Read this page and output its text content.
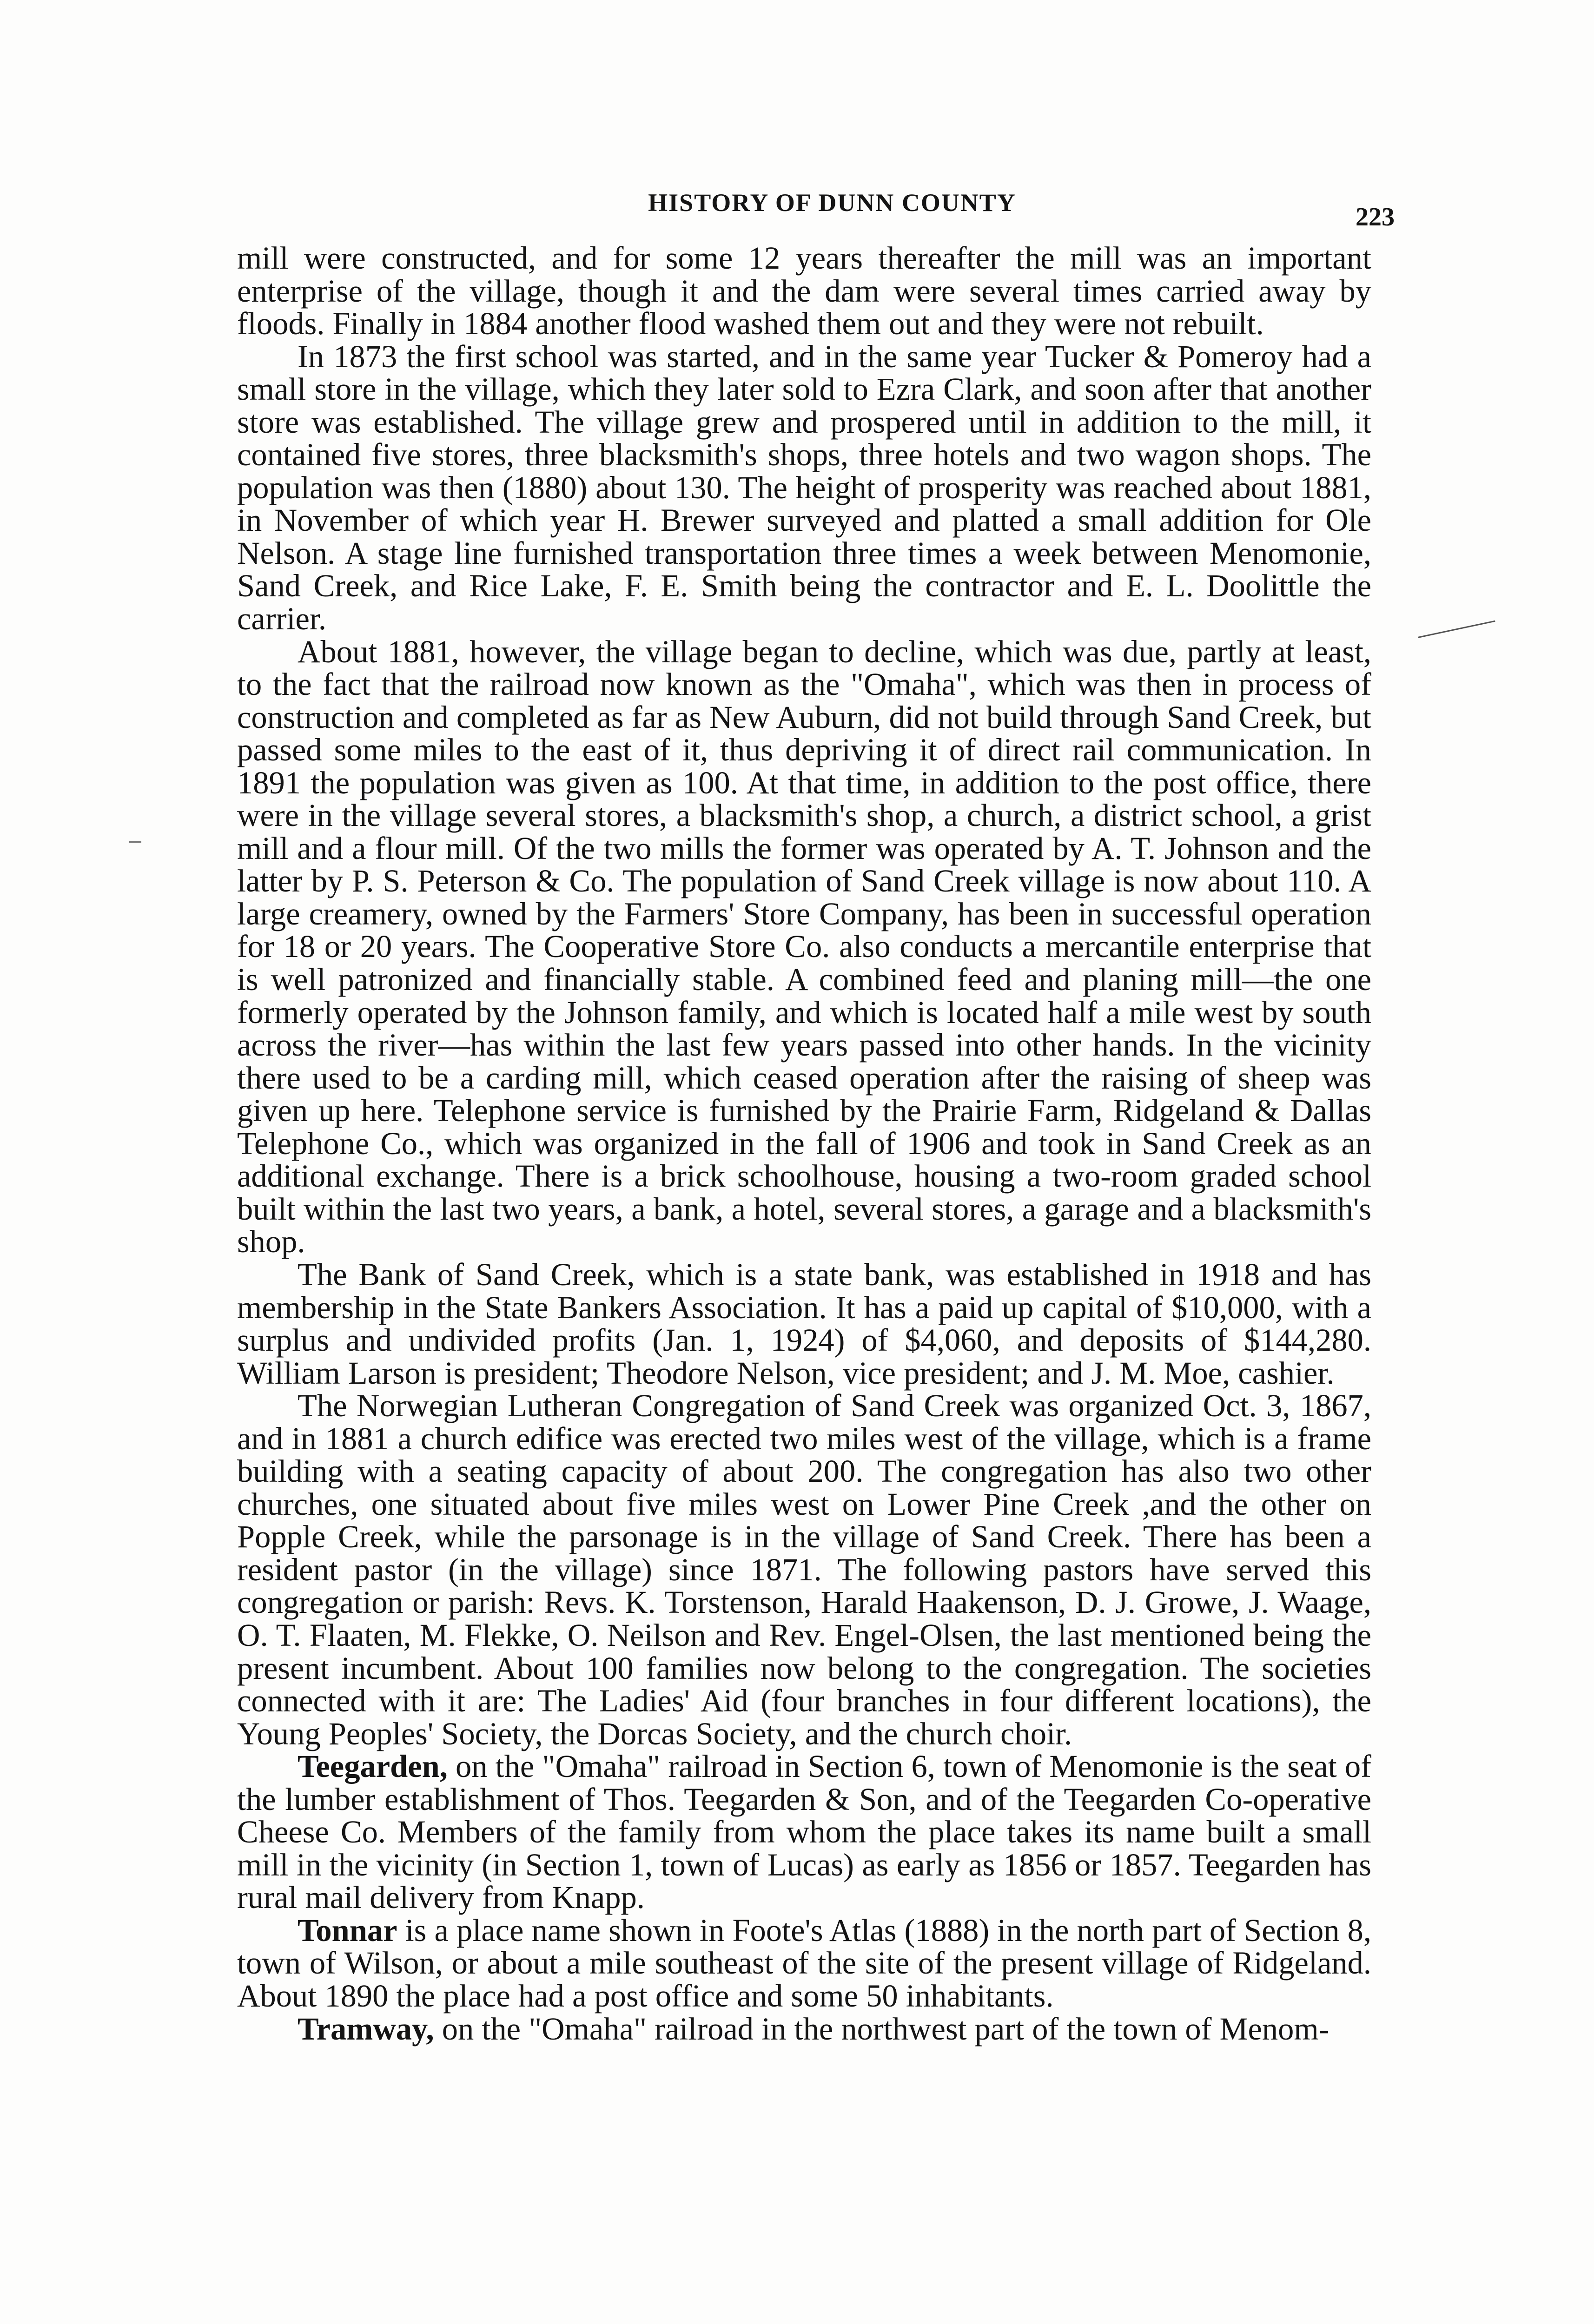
HISTORY OF DUNN COUNTY	223

mill were constructed, and for some 12 years thereafter the mill was an important enterprise of the village, though it and the dam were several times carried away by floods. Finally in 1884 another flood washed them out and they were not rebuilt.

In 1873 the first school was started, and in the same year Tucker & Pomeroy had a small store in the village, which they later sold to Ezra Clark, and soon after that another store was established. The village grew and prospered until in addition to the mill, it contained five stores, three blacksmith's shops, three hotels and two wagon shops. The population was then (1880) about 130. The height of prosperity was reached about 1881, in November of which year H. Brewer surveyed and platted a small addition for Ole Nelson. A stage line furnished transportation three times a week between Menomonie, Sand Creek, and Rice Lake, F. E. Smith being the contractor and E. L. Doolittle the carrier.

About 1881, however, the village began to decline, which was due, partly at least, to the fact that the railroad now known as the "Omaha", which was then in process of construction and completed as far as New Auburn, did not build through Sand Creek, but passed some miles to the east of it, thus depriving it of direct rail communication. In 1891 the population was given as 100. At that time, in addition to the post office, there were in the village several stores, a blacksmith's shop, a church, a district school, a grist mill and a flour mill. Of the two mills the former was operated by A. T. Johnson and the latter by P. S. Peterson & Co. The population of Sand Creek village is now about 110. A large creamery, owned by the Farmers' Store Company, has been in successful operation for 18 or 20 years. The Cooperative Store Co. also conducts a mercantile enterprise that is well patronized and financially stable. A combined feed and planing mill—the one formerly operated by the Johnson family, and which is located half a mile west by south across the river—has within the last few years passed into other hands. In the vicinity there used to be a carding mill, which ceased operation after the raising of sheep was given up here. Telephone service is furnished by the Prairie Farm, Ridgeland & Dallas Telephone Co., which was organized in the fall of 1906 and took in Sand Creek as an additional exchange. There is a brick schoolhouse, housing a two-room graded school built within the last two years, a bank, a hotel, several stores, a garage and a blacksmith's shop.

The Bank of Sand Creek, which is a state bank, was established in 1918 and has membership in the State Bankers Association. It has a paid up capital of $10,000, with a surplus and undivided profits (Jan. 1, 1924) of $4,060, and deposits of $144,280. William Larson is president; Theodore Nelson, vice president; and J. M. Moe, cashier.

The Norwegian Lutheran Congregation of Sand Creek was organized Oct. 3, 1867, and in 1881 a church edifice was erected two miles west of the village, which is a frame building with a seating capacity of about 200. The congregation has also two other churches, one situated about five miles west on Lower Pine Creek ,and the other on Popple Creek, while the parsonage is in the village of Sand Creek. There has been a resident pastor (in the village) since 1871. The following pastors have served this congregation or parish: Revs. K. Torstenson, Harald Haakenson, D. J. Growe, J. Waage, O. T. Flaaten, M. Flekke, O. Neilson and Rev. Engel-Olsen, the last mentioned being the present incumbent. About 100 families now belong to the congregation. The societies connected with it are: The Ladies' Aid (four branches in four different locations), the Young Peoples' Society, the Dorcas Society, and the church choir.

Teegarden, on the "Omaha" railroad in Section 6, town of Menomonie is the seat of the lumber establishment of Thos. Teegarden & Son, and of the Teegarden Co-operative Cheese Co. Members of the family from whom the place takes its name built a small mill in the vicinity (in Section 1, town of Lucas) as early as 1856 or 1857. Teegarden has rural mail delivery from Knapp.

Tonnar is a place name shown in Foote's Atlas (1888) in the north part of Section 8, town of Wilson, or about a mile southeast of the site of the present village of Ridgeland. About 1890 the place had a post office and some 50 inhabitants.

Tramway, on the "Omaha" railroad in the northwest part of the town of Menom-
